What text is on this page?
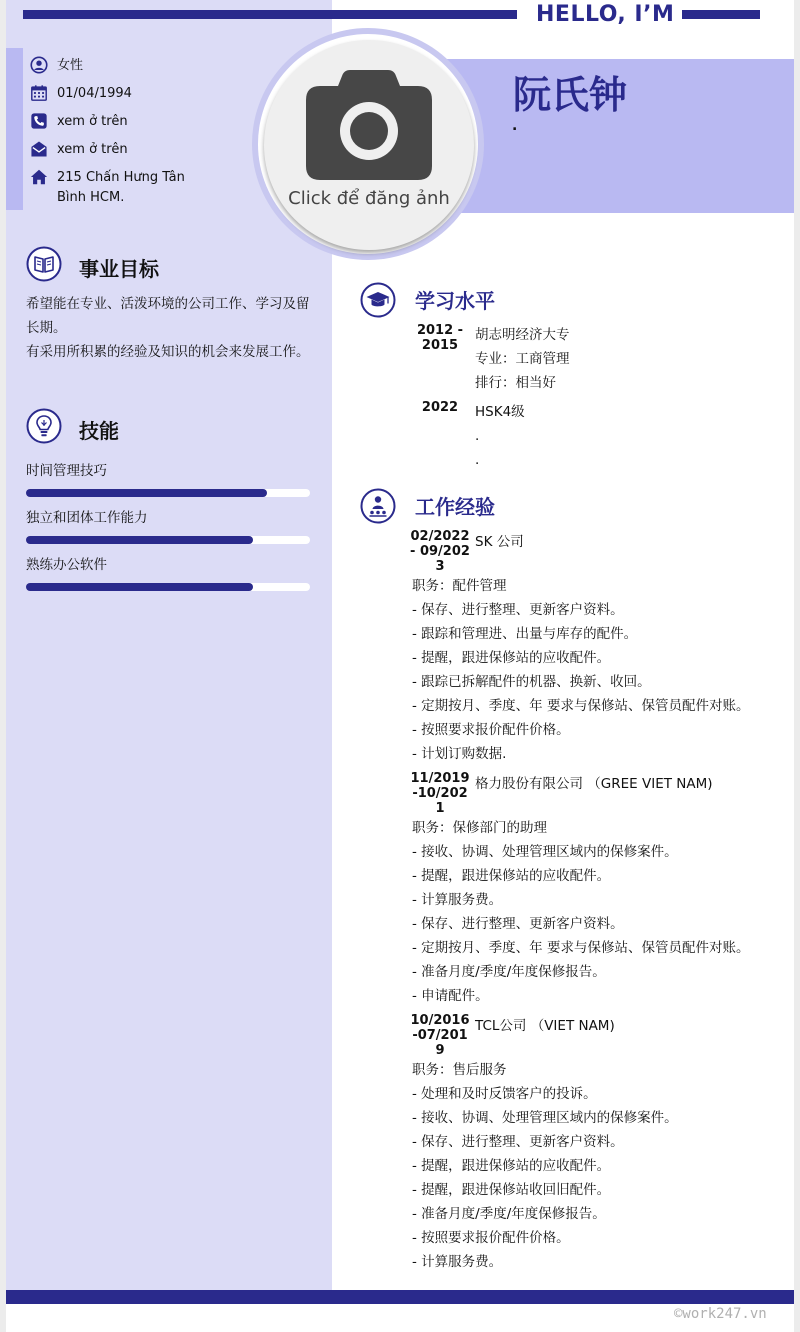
HELLO, I’M
阮氏钟
.
女性
01/04/1994
xem ở trên
xem ở trên
215 Chấn Hưng Tân Bình HCM.	Click để đăng ảnh
事业目标
希望能在专业、活泼环境的公司工作、学习及留长期。
有采用所积累的经验及知识的机会来发展工作。
技能
时间管理技巧
独立和团体工作能力
熟练办公软件
学习水平
2012 - 2015
胡志明经济大专
专业：工商管理
排行：相当好
2022	HSK4级
.
.
工作经验
02/2022 - 09/2023
SK 公司
职务：配件管理
- 保存、进行整理、更新客户资料。
- 跟踪和管理进、出量与库存的配件。
- 提醒，跟进保修站的应收配件。
- 跟踪已拆解配件的机器、换新、收回。
- 定期按月、季度、年 要求与保修站、保管员配件对账。
- 按照要求报价配件价格。
- 计划订购数据.
11/2019 -10/2021
格力股份有限公司 （GREE VIET NAM)
职务：保修部门的助理
- 接收、协调、处理管理区域内的保修案件。
- 提醒，跟进保修站的应收配件。
- 计算服务费。
- 保存、进行整理、更新客户资料。
- 定期按月、季度、年 要求与保修站、保管员配件对账。
- 准备月度/季度/年度保修报告。
- 申请配件。
10/2016 -07/2019
TCL公司 （VIET NAM)
职务：售后服务
- 处理和及时反馈客户的投诉。
- 接收、协调、处理管理区域内的保修案件。
- 保存、进行整理、更新客户资料。
- 提醒，跟进保修站的应收配件。
- 提醒，跟进保修站收回旧配件。
- 准备月度/季度/年度保修报告。
- 按照要求报价配件价格。
- 计算服务费。
©work247.vn
